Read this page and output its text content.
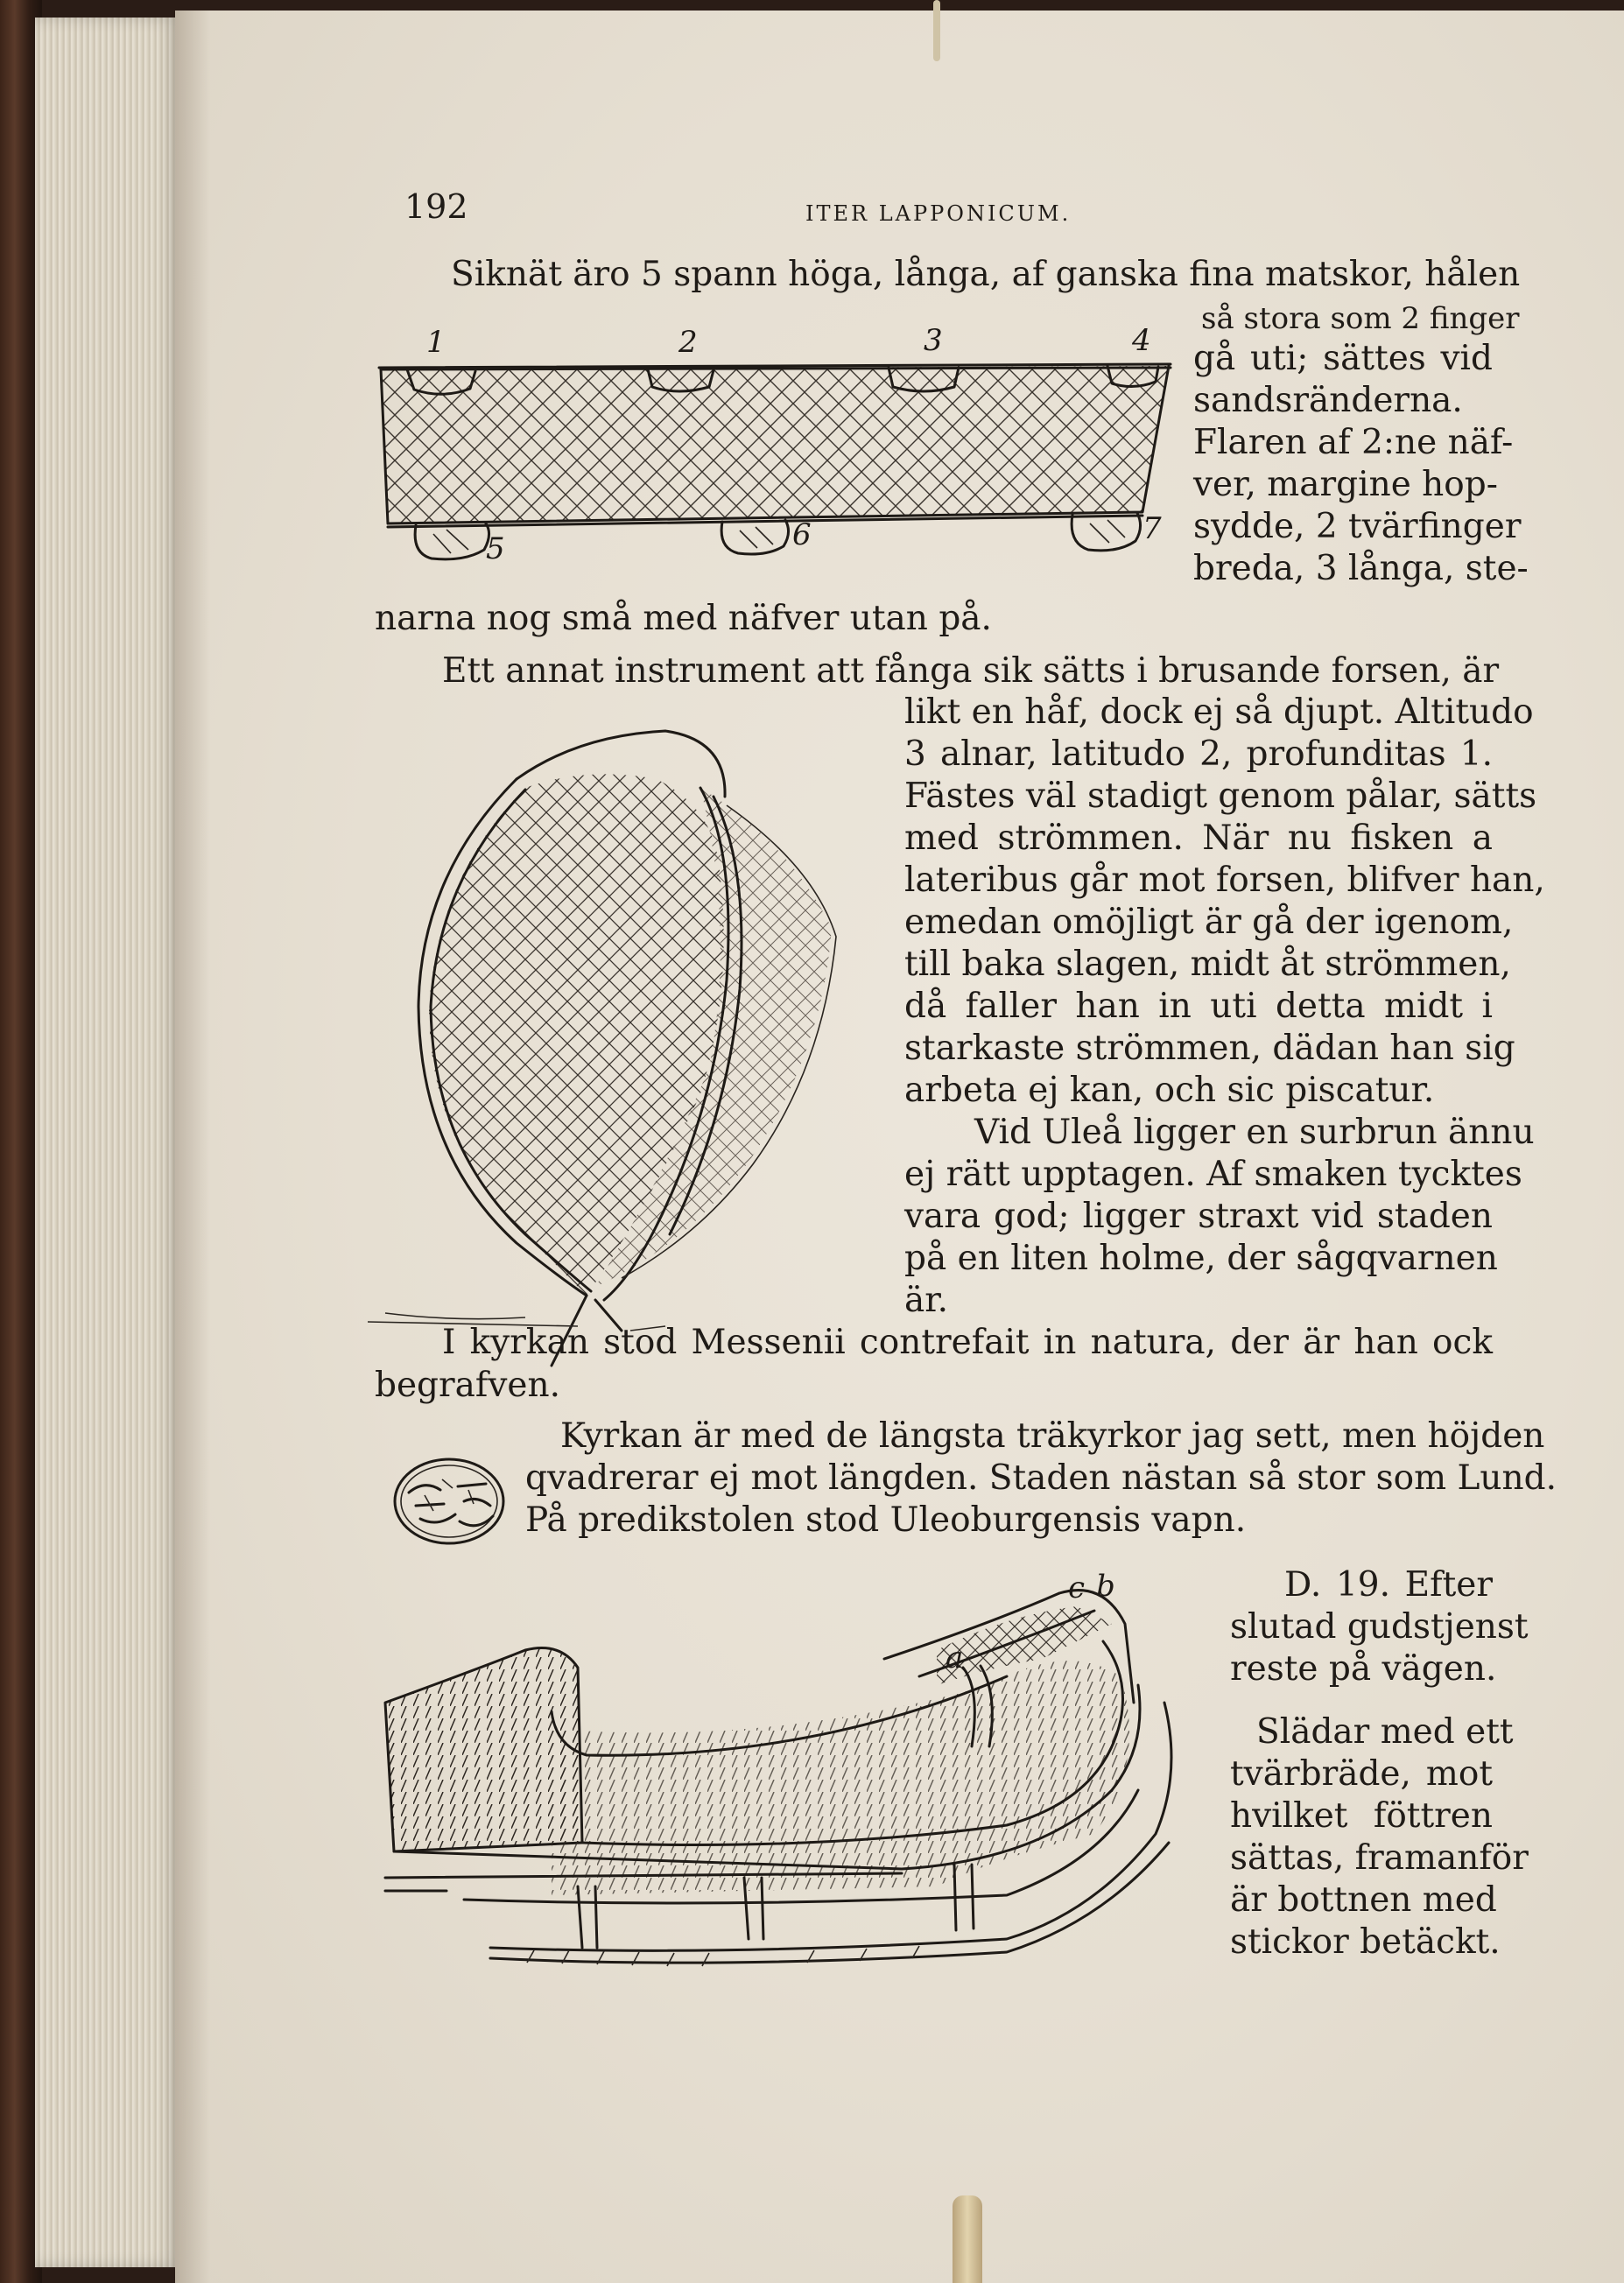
192	ITER LAPPONICUM.
Siknät äro 5 spann höga, långa, af ganska fina matskor, hålen
så stora som 2 finger
gå uti; sättes vid
sandsränderna.
Flaren af 2:ne näf-
ver, margine hop-
sydde, 2 tvärfinger
breda, 3 långa, ste-
narna nog små med näfver utan på.
Ett annat instrument att fånga sik sätts i brusande forsen, är
likt en håf, dock ej så djupt. Altitudo
3 alnar, latitudo 2, profunditas 1.
Fästes väl stadigt genom pålar, sätts
med strömmen. När nu fisken a
lateribus går mot forsen, blifver han,
emedan omöjligt är gå der igenom,
till baka slagen, midt åt strömmen,
då faller han in uti detta midt i
starkaste strömmen, dädan han sig
arbeta ej kan, och sic piscatur.
Vid Uleå ligger en surbrun ännu
ej rätt upptagen. Af smaken tycktes
vara god; ligger straxt vid staden
på en liten holme, der sågqvarnen
är.
I kyrkan stod Messenii contrefait in natura, der är han ock
begrafven.
Kyrkan är med de längsta träkyrkor jag sett, men höjden
qvadrerar ej mot längden. Staden nästan så stor som Lund.
På predikstolen stod Uleoburgensis vapn.
D. 19. Efter
slutad gudstjenst
reste på vägen.
Slädar med ett
tvärbräde, mot
hvilket föttren
sättas, framanför
är bottnen med
stickor betäckt.
1	2	3	4
5	6	7
a
b
c
